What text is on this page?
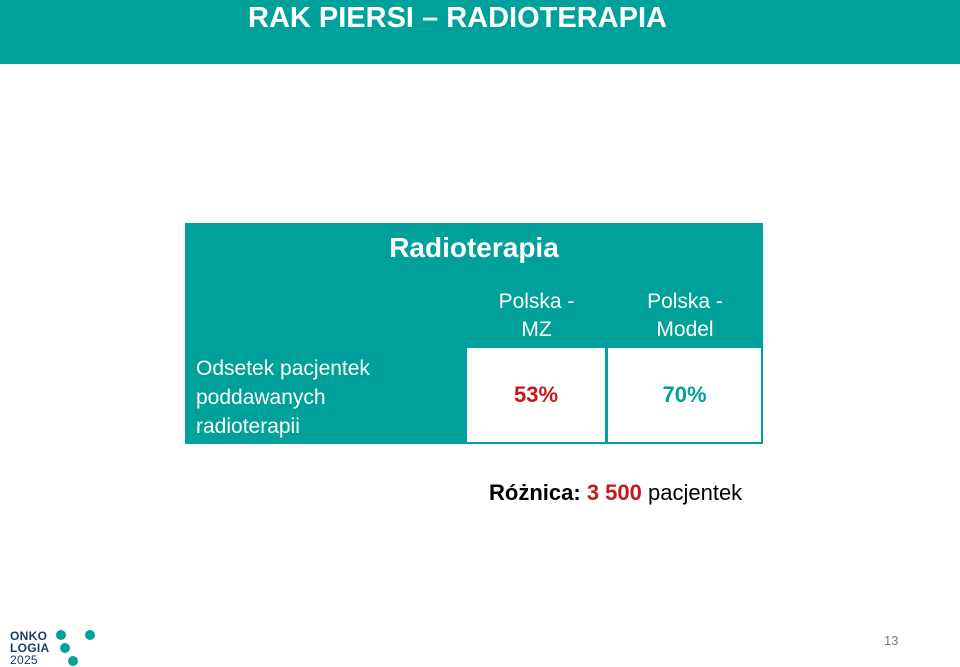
RAK PIERSI – RADIOTERAPIA
Radioterapia
Polska -
MZ
Polska -
Model
Odsetek pacjentek
poddawanych
radioterapii
53%	70%
Różnica: 3 500 pacjentek
ONKO
LOGIA
2025
13
